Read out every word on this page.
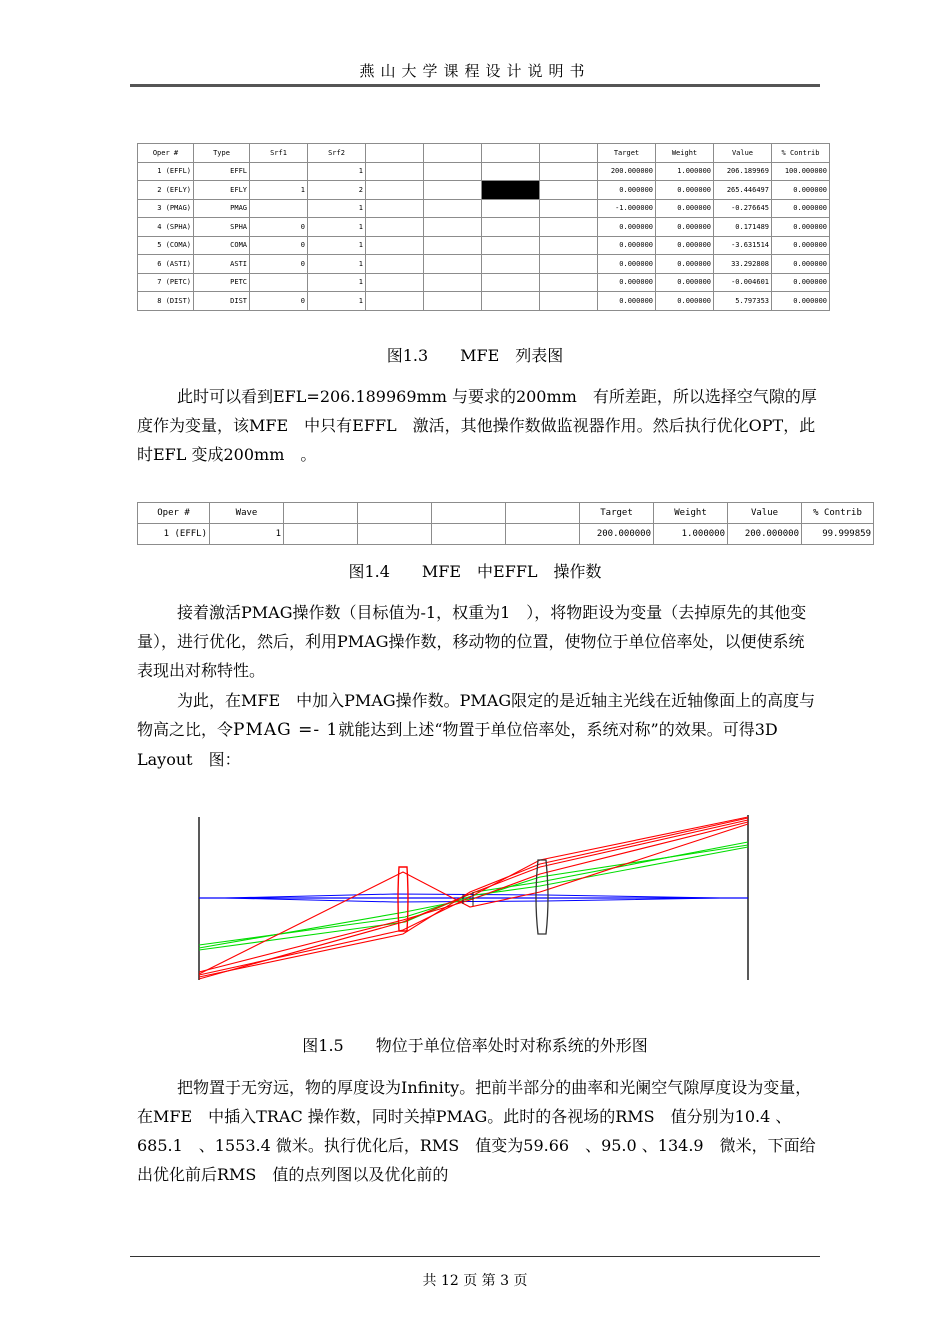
燕山大学课程设计说明书
Oper #	Type	Srf1	Srf2					Target	Weight	Value	% Contrib
1 (EFFL)	EFFL		1					200.000000	1.000000	206.189969	100.000000
2 (EFLY)	EFLY	1	2					0.000000	0.000000	265.446497	0.000000
3 (PMAG)	PMAG		1					-1.000000	0.000000	-0.276645	0.000000
4 (SPHA)	SPHA	0	1					0.000000	0.000000	0.171489	0.000000
5 (COMA)	COMA	0	1					0.000000	0.000000	-3.631514	0.000000
6 (ASTI)	ASTI	0	1					0.000000	0.000000	33.292808	0.000000
7 (PETC)	PETC		1					0.000000	0.000000	-0.004601	0.000000
8 (DIST)	DIST	0	1					0.000000	0.000000	5.797353	0.000000
图1.3　　MFE　列表图

此时可以看到EFL=206.189969mm 与要求的200mm　有所差距，所以选择空气隙的厚度作为变量，该MFE　中只有EFFL　激活，其他操作数做监视器作用。然后执行优化OPT，此时EFL 变成200mm　。

Oper #	Wave					Target	Weight	Value	% Contrib
1 (EFFL)	1					200.000000	1.000000	200.000000	99.999859
图1.4　　MFE　中EFFL　操作数

接着激活PMAG操作数（目标值为-1，权重为1　），将物距设为变量（去掉原先的其他变量），进行优化，然后，利用PMAG操作数，移动物的位置，使物位于单位倍率处，以便使系统表现出对称特性。

为此，在MFE　中加入PMAG操作数。PMAG限定的是近轴主光线在近轴像面上的高度与物高之比，令PMAG =- 1就能达到上述“物置于单位倍率处，系统对称”的效果。可得3D Layout　图：

图1.5　　物位于单位倍率处时对称系统的外形图

把物置于无穷远，物的厚度设为Infinity。把前半部分的曲率和光阑空气隙厚度设为变量，在MFE　中插入TRAC 操作数，同时关掉PMAG。此时的各视场的RMS　值分别为10.4 、685.1　、1553.4 微米。执行优化后，RMS　值变为59.66　、95.0 、134.9　微米，下面给出优化前后RMS　值的点列图以及优化前的

共 12 页 第 3 页
